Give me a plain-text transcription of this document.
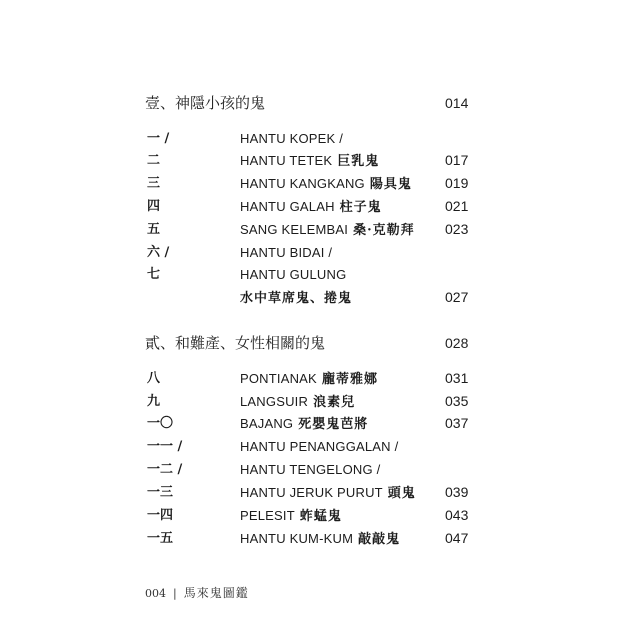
壹、神隱小孩的鬼	014
一 /	HANTU KOPEK /
二	HANTU TETEK 巨乳鬼	017
三	HANTU KANGKANG 陽具鬼 019
四	HANTU GALAH 柱子鬼	021
五	SANG KELEMBAI 桑·克勒拜 023
六 /	HANTU BIDAI /
七	HANTU GULUNG
水中草席鬼、捲鬼	027
貳、和難產、女性相關的鬼	028
八	PONTIANAK 龐蒂雅娜	031
九	LANGSUIR 浪素兒	035
一〇	BAJANG 死嬰鬼芭將	037
一一 /	HANTU PENANGGALAN /
一二 /	HANTU TENGELONG /
一三	HANTU JERUK PURUT 頭鬼 039
一四	PELESIT 蚱蜢鬼	043
一五	HANTU KUM-KUM 敲敲鬼	047
004 | 馬來鬼圖鑑
